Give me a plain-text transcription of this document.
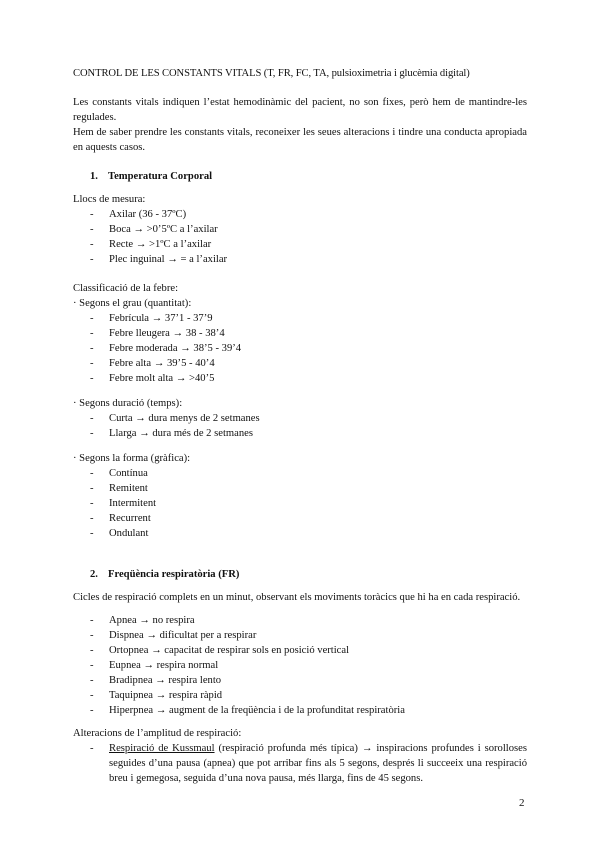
CONTROL DE LES CONSTANTS VITALS (T, FR, FC, TA, pulsioximetria i glucèmia digital)

Les constants vitals indiquen l’estat hemodinàmic del pacient, no son fixes, però hem de mantindre-les regulades.

Hem de saber prendre les constants vitals, reconeixer les seues alteracions i tindre una conducta apropiada en aquests casos.

1. Temperatura Corporal
Llocs de mesura:
- Axilar (36 - 37ºC)
- Boca → >0’5ºC a l’axilar
- Recte → >1ºC a l’axilar
- Plec inguinal → = a l’axilar
Classificació de la febre:
· Segons el grau (quantitat):
- Febrícula → 37’1 - 37’9
- Febre lleugera → 38 - 38’4
- Febre moderada → 38’5 - 39’4
- Febre alta → 39’5 - 40’4
- Febre molt alta → >40’5
· Segons duració (temps):
- Curta → dura menys de 2 setmanes
- Llarga → dura més de 2 setmanes
· Segons la forma (gràfica):
- Contínua
- Remitent
- Intermitent
- Recurrent
- Ondulant
2. Freqüència respiratòria (FR)

Cicles de respiració complets en un minut, observant els moviments toràcics que hi ha en cada respiració.

- Apnea → no respira
- Dispnea → dificultat per a respirar
- Ortopnea → capacitat de respirar sols en posició vertical
- Eupnea → respira normal
- Bradipnea → respira lento
- Taquipnea → respira ràpid
- Hiperpnea → augment de la freqüència i de la profunditat respiratòria
Alteracions de l’amplitud de respiració:
- Respiració de Kussmaul (respiració profunda més típica) → inspiracions profundes i sorolloses seguides d’una pausa (apnea) que pot arribar fins als 5 segons, després li succeeix una respiració breu i gemegosa, seguida d’una nova pausa, més llarga, fins de 45 segons.
2
